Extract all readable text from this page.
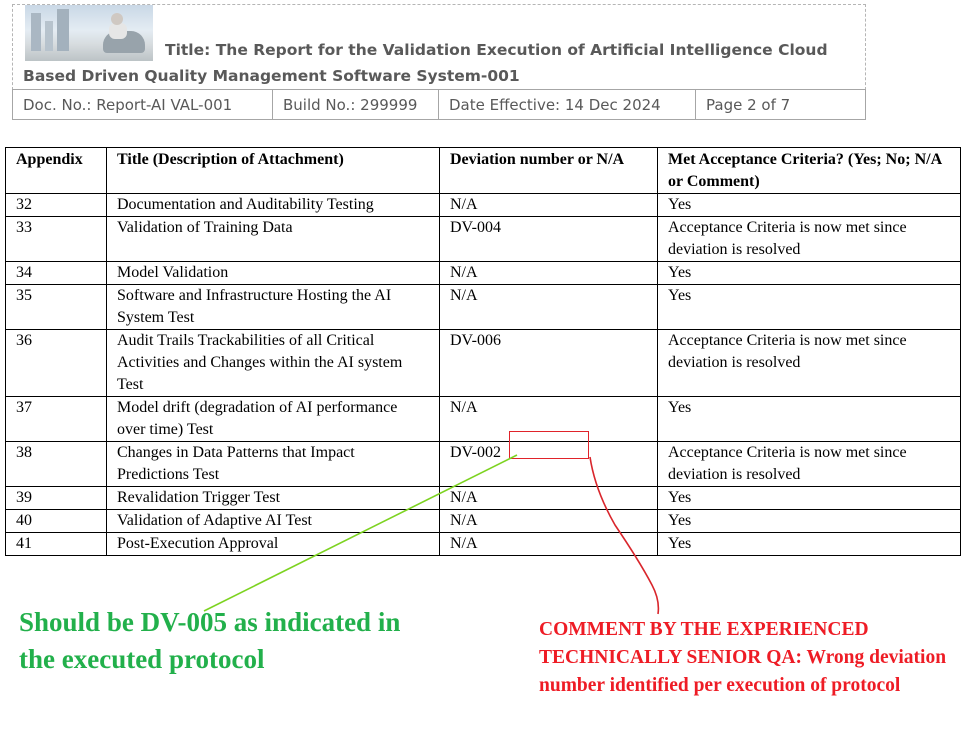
Title: The Report for the Validation Execution of Artificial Intelligence Cloud
Based Driven Quality Management Software System-001
Doc. No.: Report-AI VAL-001	Build No.: 299999	Date Effective: 14 Dec 2024	Page 2 of 7
Appendix	Title (Description of Attachment)	Deviation number or N/A	Met Acceptance Criteria? (Yes; No; N/A or Comment)
32	Documentation and Auditability Testing	N/A	Yes
33	Validation of Training Data	DV-004	Acceptance Criteria is now met since deviation is resolved
34	Model Validation	N/A	Yes
35	Software and Infrastructure Hosting the AI System Test	N/A	Yes
36	Audit Trails Trackabilities of all Critical Activities and Changes within the AI system Test	DV-006	Acceptance Criteria is now met since deviation is resolved
37	Model drift (degradation of AI performance over time) Test	N/A	Yes
38	Changes in Data Patterns that Impact Predictions Test	DV-002	Acceptance Criteria is now met since deviation is resolved
39	Revalidation Trigger Test	N/A	Yes
40	Validation of Adaptive AI Test	N/A	Yes
41	Post-Execution Approval	N/A	Yes
Should be DV-005 as indicated in the executed protocol
COMMENT BY THE EXPERIENCED TECHNICALLY SENIOR QA: Wrong deviation number identified per execution of protocol
